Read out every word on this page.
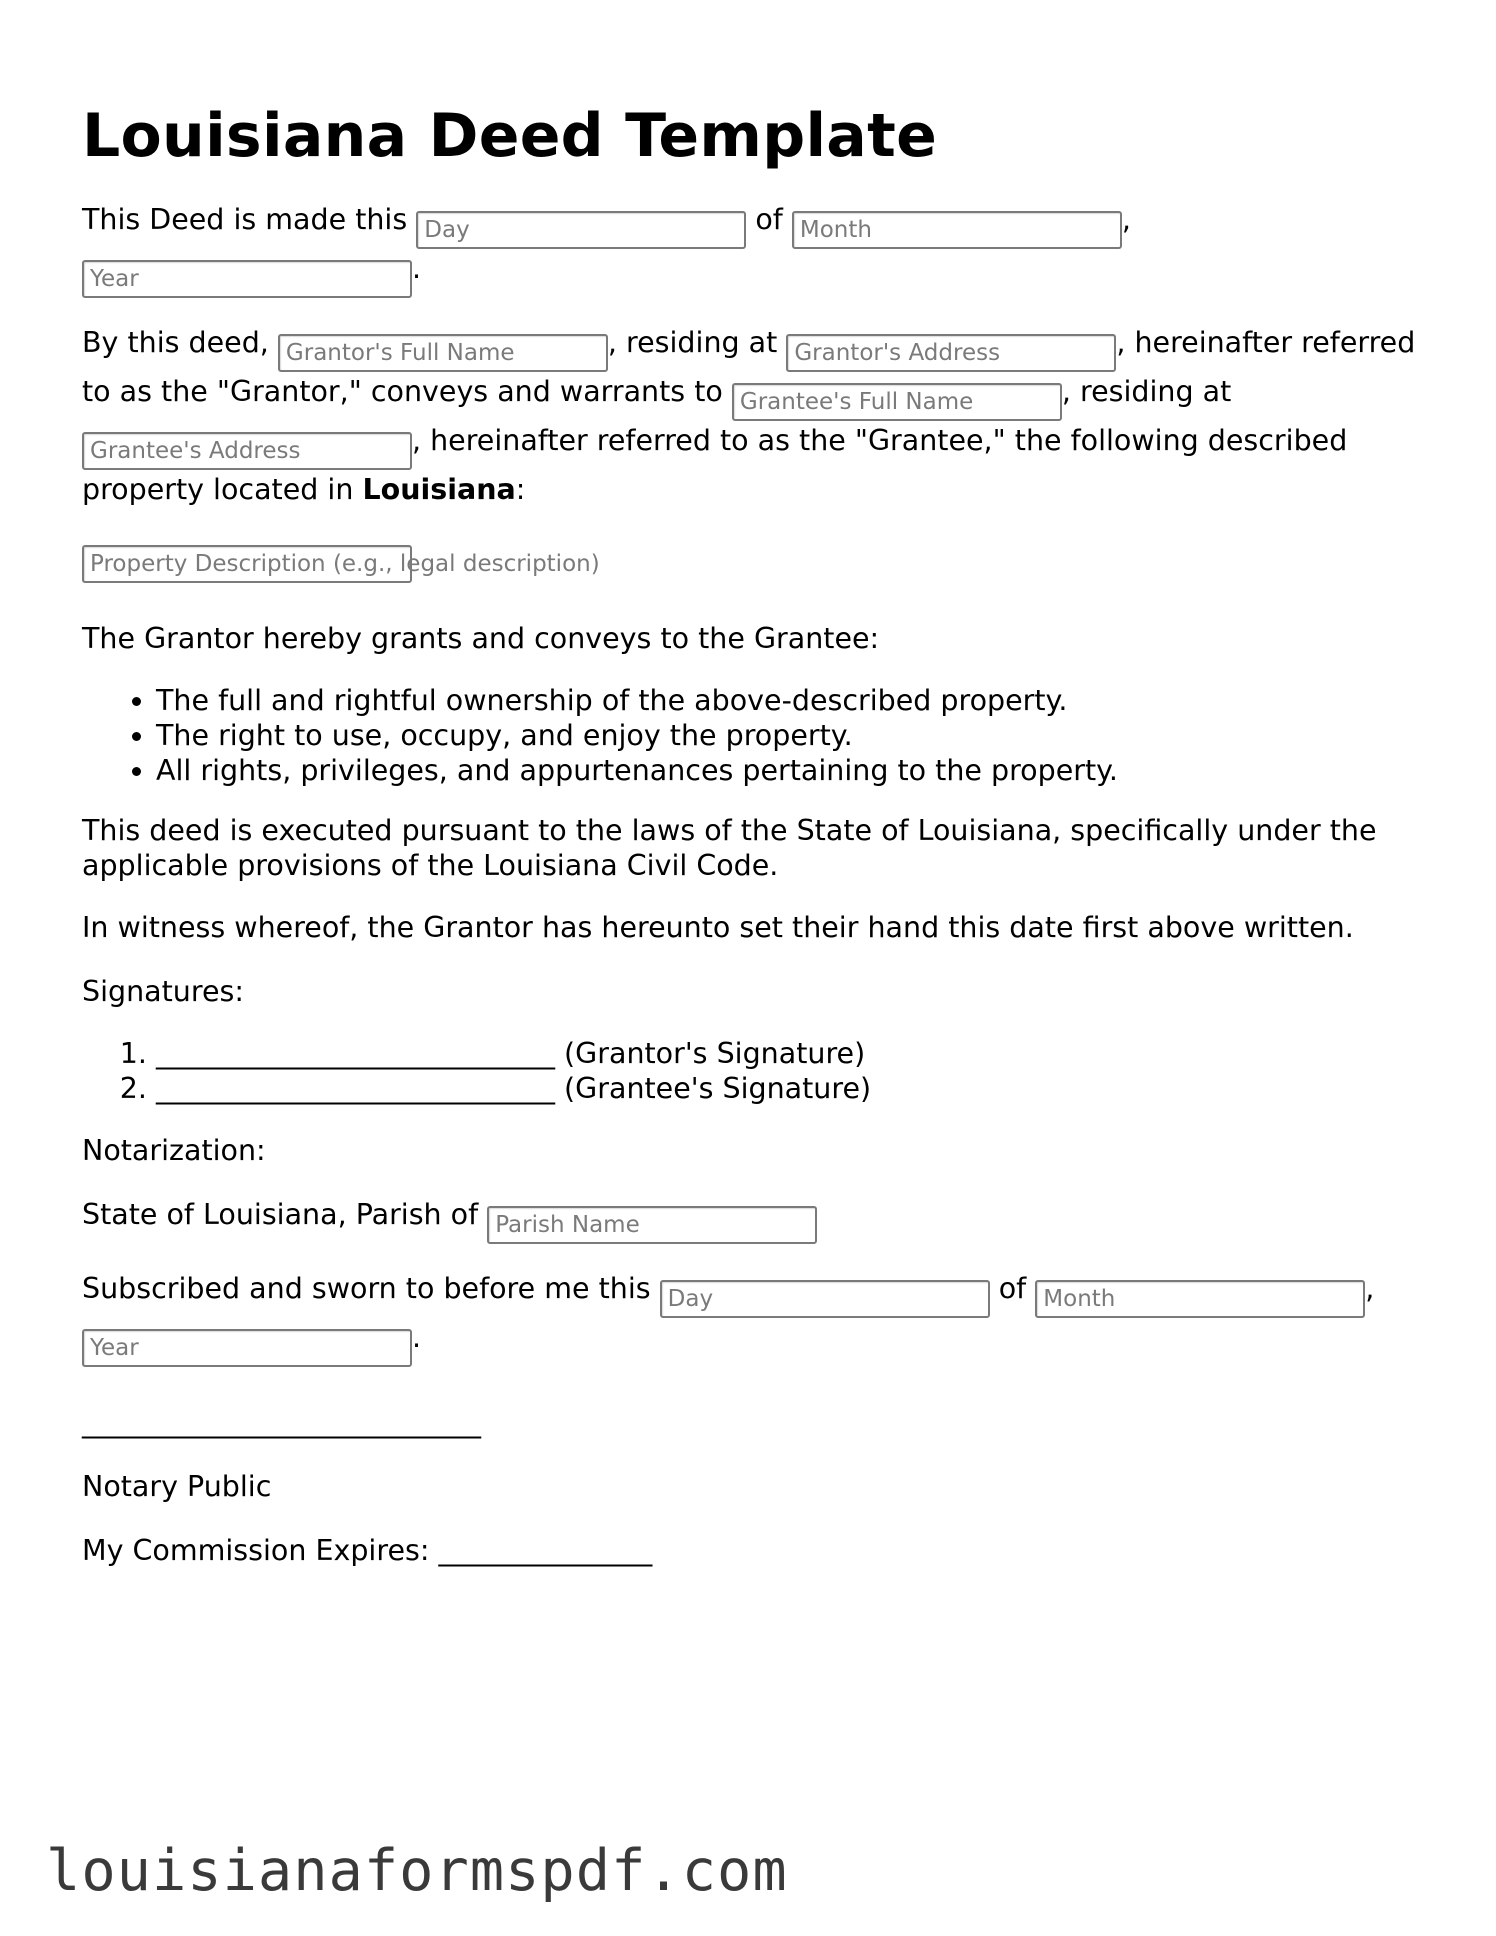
Louisiana Deed Template

This Deed is made this Day	of Month	, Year	.

By this deed, Grantor's Full Name	, residing at Grantor's Address	, hereinafter referred to as the "Grantor," conveys and warrants to Grantee's Full Name	, residing at Grantee's Address	, hereinafter referred to as the "Grantee," the following described property located in Louisiana:

Property Description (e.g., legal description)

The Grantor hereby grants and conveys to the Grantee:

• The full and rightful ownership of the above-described property.
• The right to use, occupy, and enjoy the property.
• All rights, privileges, and appurtenances pertaining to the property.

This deed is executed pursuant to the laws of the State of Louisiana, specifically under the applicable provisions of the Louisiana Civil Code.

In witness whereof, the Grantor has hereunto set their hand this date first above written.

Signatures:

1. ____________________________ (Grantor's Signature)
2. ____________________________ (Grantee's Signature)

Notarization:

State of Louisiana, Parish of Parish Name

Subscribed and sworn to before me this Day	of Month	, Year	.

____________________________

Notary Public

My Commission Expires: _______________

louisianaformspdf.com
